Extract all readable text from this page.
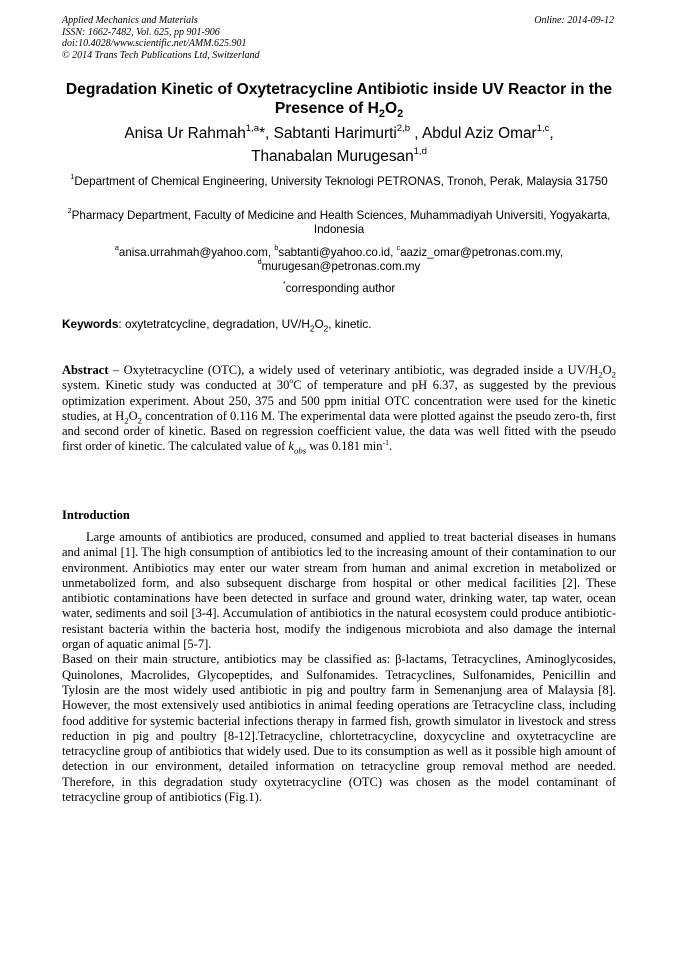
Applied Mechanics and Materials
ISSN: 1662-7482, Vol. 625, pp 901-906
doi:10.4028/www.scientific.net/AMM.625.901
© 2014 Trans Tech Publications Ltd, Switzerland
Online: 2014-09-12
Degradation Kinetic of Oxytetracycline Antibiotic inside UV Reactor in the Presence of $H_2O_2$
Anisa Ur Rahmah$^{1,a}$*, Sabtanti Harimurti$^{2,b}$ , Abdul Aziz Omar$^{1,c}$,
Thanabalan Murugesan$^{1,d}$
$^1$Department of Chemical Engineering, University Teknologi PETRONAS, Tronoh, Perak, Malaysia 31750
$^2$Pharmacy Department, Faculty of Medicine and Health Sciences, Muhammadiyah Universiti, Yogyakarta, Indonesia
$^a$anisa.urrahmah@yahoo.com, $^b$sabtanti@yahoo.co.id, $^c$aaziz_omar@petronas.com.my,
$^d$murugesan@petronas.com.my
*corresponding author
Keywords: oxytetratcycline, degradation, $UV/H_2O_2$, kinetic.
Abstract – Oxytetracycline (OTC), a widely used of veterinary antibiotic, was degraded inside a $UV/H_2O_2$ system. Kinetic study was conducted at 30$^o$C of temperature and pH 6.37, as suggested by the previous optimization experiment. About 250, 375 and 500 ppm initial OTC concentration were used for the kinetic studies, at $H_2O_2$ concentration of 0.116 M. The experimental data were plotted against the pseudo zero-th, first and second order of kinetic. Based on regression coefficient value, the data was well fitted with the pseudo first order of kinetic. The calculated value of $k_{obs}$ was 0.181 $\min^{-1}$.
Introduction

Large amounts of antibiotics are produced, consumed and applied to treat bacterial diseases in humans and animal [1]. The high consumption of antibiotics led to the increasing amount of their contamination to our environment. Antibiotics may enter our water stream from human and animal excretion in metabolized or unmetabolized form, and also subsequent discharge from hospital or other medical facilities [2]. These antibiotic contaminations have been detected in surface and ground water, drinking water, tap water, ocean water, sediments and soil [3-4]. Accumulation of antibiotics in the natural ecosystem could produce antibiotic-resistant bacteria within the bacteria host, modify the indigenous microbiota and also damage the internal organ of aquatic animal [5-7].

Based on their main structure, antibiotics may be classified as: β-lactams, Tetracyclines, Aminoglycosides, Quinolones, Macrolides, Glycopeptides, and Sulfonamides. Tetracyclines, Sulfonamides, Penicillin and Tylosin are the most widely used antibiotic in pig and poultry farm in Semenanjung area of Malaysia [8]. However, the most extensively used antibiotics in animal feeding operations are Tetracycline class, including food additive for systemic bacterial infections therapy in farmed fish, growth simulator in livestock and stress reduction in pig and poultry [8-12].Tetracycline, chlortetracycline, doxycycline and oxytetracycline are tetracycline group of antibiotics that widely used. Due to its consumption as well as it possible high amount of detection in our environment, detailed information on tetracycline group removal method are needed. Therefore, in this degradation study oxytetracycline (OTC) was chosen as the model contaminant of tetracycline group of antibiotics (Fig.1).
